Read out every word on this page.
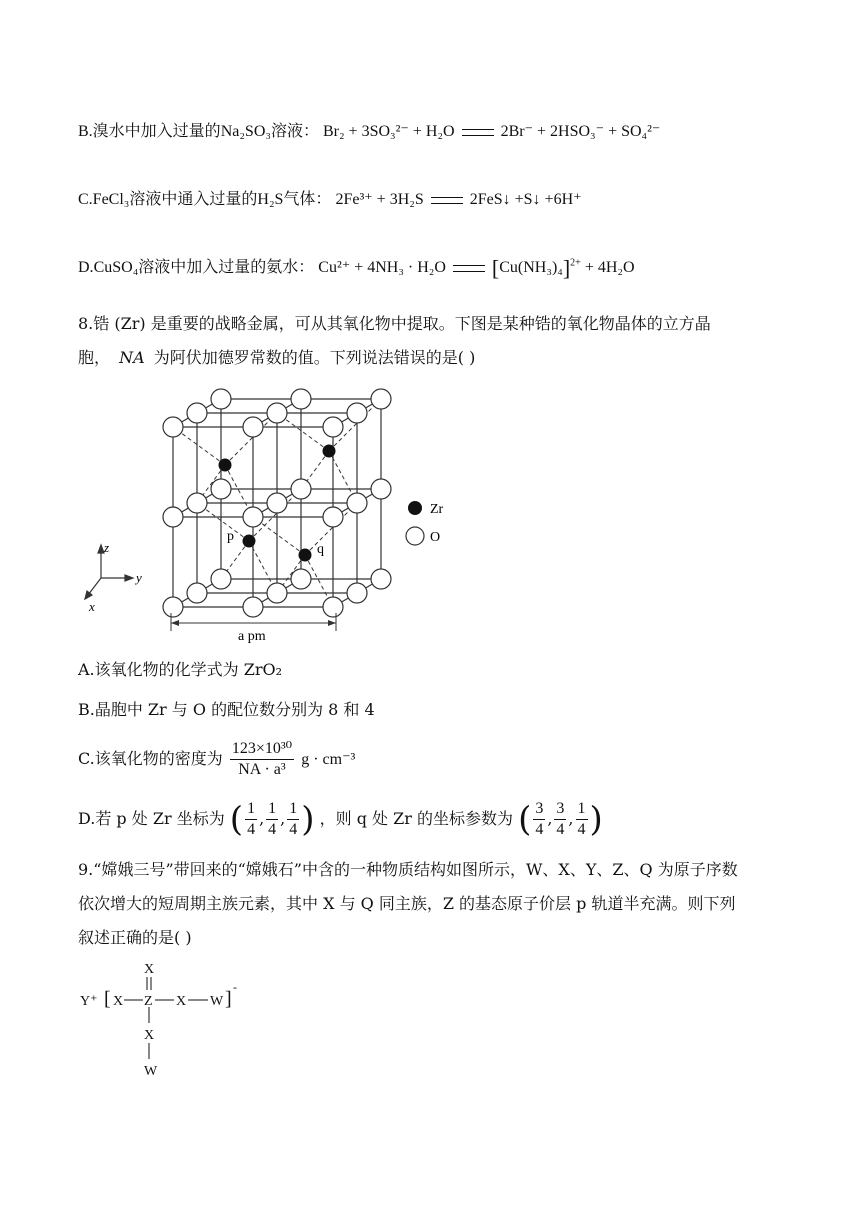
B.溴水中加入过量的Na₂SO₃溶液： Br₂ + 3SO₃²⁻ + H₂O	2Br⁻ + 2HSO₃⁻ + SO₄²⁻
C.FeCl₃溶液中通入过量的H₂S气体： 2Fe³⁺ + 3H₂S	2FeS↓ +S↓ +6H⁺
D.CuSO₄溶液中加入过量的氨水： Cu²⁺ + 4NH₃ · H₂O $[Cu(NH_3)_4]^{2+} + 4H_2O$
8.锆 (Zr) 是重要的战略金属，可从其氧化物中提取。下图是某种锆的氧化物晶体的立方晶
胞， NA 为阿伏加德罗常数的值。下列说法错误的是( )
z
y
x
a pm
p
q
Zr
O
A.该氧化物的化学式为 ZrO₂
B.晶胞中 Zr 与 O 的配位数分别为 8 和 4
C.该氧化物的密度为 $\frac{\text{123×10³⁰}}{\text{NA · a³}}$ g · cm⁻³
D.若 p 处 Zr 坐标为 ( $\frac{1}{4}$ , $\frac{1}{4}$ , $\frac{1}{4}$ ) ，则 q 处 Zr 的坐标参数为 ( $\frac{3}{4}$ , $\frac{3}{4}$ , $\frac{1}{4}$ )
9.“嫦娥三号”带回来的“嫦娥石”中含的一种物质结构如图所示，W、X、Y、Z、Q 为原子序数
依次增大的短周期主族元素，其中 X 与 Q 同主族，Z 的基态原子价层 p 轨道半充满。则下列
叙述正确的是( )
Y⁺ [ X Z X W ]
-
X
X
W
